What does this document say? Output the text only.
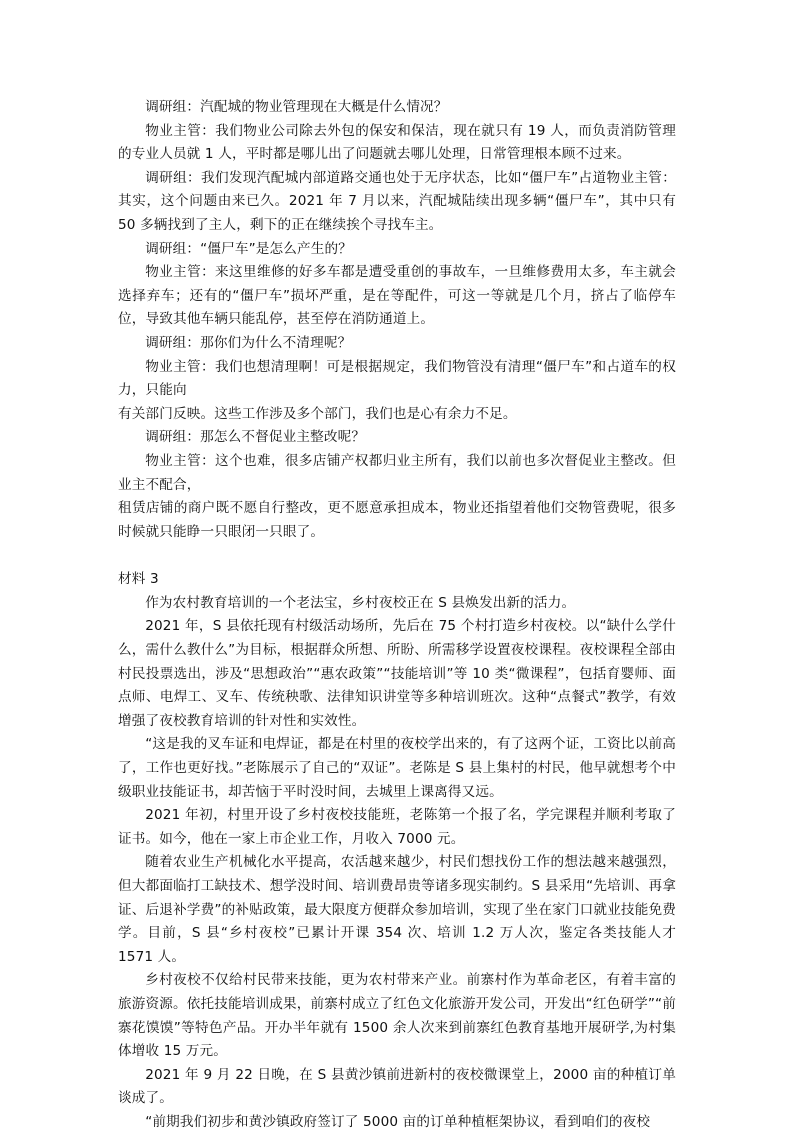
调研组：汽配城的物业管理现在大概是什么情况？

物业主管：我们物业公司除去外包的保安和保洁，现在就只有 19 人，而负责消防管理的专业人员就 1 人，平时都是哪儿出了问题就去哪儿处理，日常管理根本顾不过来。

调研组：我们发现汽配城内部道路交通也处于无序状态，比如“僵尸车”占道物业主管：其实，这个问题由来已久。2021 年 7 月以来，汽配城陆续出现多辆“僵尸车”，其中只有 50 多辆找到了主人，剩下的正在继续挨个寻找车主。

调研组：“僵尸车”是怎么产生的？

物业主管：来这里维修的好多车都是遭受重创的事故车，一旦维修费用太多，车主就会选择弃车；还有的“僵尸车”损坏严重，是在等配件，可这一等就是几个月，挤占了临停车位，导致其他车辆只能乱停，甚至停在消防通道上。

调研组：那你们为什么不清理呢？

物业主管：我们也想清理啊！可是根据规定，我们物管没有清理“僵尸车”和占道车的权力，只能向

有关部门反映。这些工作涉及多个部门，我们也是心有余力不足。

调研组：那怎么不督促业主整改呢？

物业主管：这个也难，很多店铺产权都归业主所有，我们以前也多次督促业主整改。但业主不配合，

租赁店铺的商户既不愿自行整改，更不愿意承担成本，物业还指望着他们交物管费呢，很多时候就只能睁一只眼闭一只眼了。

材料 3

作为农村教育培训的一个老法宝，乡村夜校正在 S 县焕发出新的活力。

2021 年，S 县依托现有村级活动场所，先后在 75 个村打造乡村夜校。以“缺什么学什么，需什么教什么”为目标，根据群众所想、所盼、所需移学设置夜校课程。夜校课程全部由村民投票选出，涉及“思想政治”“惠农政策”“技能培训”等 10 类“微课程”，包括育婴师、面点师、电焊工、叉车、传统秧歌、法律知识讲堂等多种培训班次。这种“点餐式”教学，有效增强了夜校教育培训的针对性和实效性。

“这是我的叉车证和电焊证，都是在村里的夜校学出来的，有了这两个证，工资比以前高了，工作也更好找。”老陈展示了自己的“双证”。老陈是 S 县上集村的村民，他早就想考个中级职业技能证书，却苦恼于平时没时间，去城里上课离得又远。

2021 年初，村里开设了乡村夜校技能班，老陈第一个报了名，学完课程并顺利考取了证书。如今，他在一家上市企业工作，月收入 7000 元。

随着农业生产机械化水平提高，农活越来越少，村民们想找份工作的想法越来越强烈，但大都面临打工缺技术、想学没时间、培训费昂贵等诸多现实制约。S 县采用“先培训、再拿证、后退补学费”的补贴政策，最大限度方便群众参加培训，实现了坐在家门口就业技能免费学。目前，S 县“乡村夜校”已累计开课 354 次、培训 1.2 万人次，鉴定各类技能人才 1571 人。

乡村夜校不仅给村民带来技能，更为农村带来产业。前寨村作为革命老区，有着丰富的旅游资源。依托技能培训成果，前寨村成立了红色文化旅游开发公司，开发出“红色研学”“前寨花馍馍”等特色产品。开办半年就有 1500 余人次来到前寨红色教育基地开展研学,为村集体增收 15 万元。

2021 年 9 月 22 日晚，在 S 县黄沙镇前进新村的夜校微课堂上，2000 亩的种植订单谈成了。

“前期我们初步和黄沙镇政府签订了 5000 亩的订单种植框架协议，看到咱们的夜校
